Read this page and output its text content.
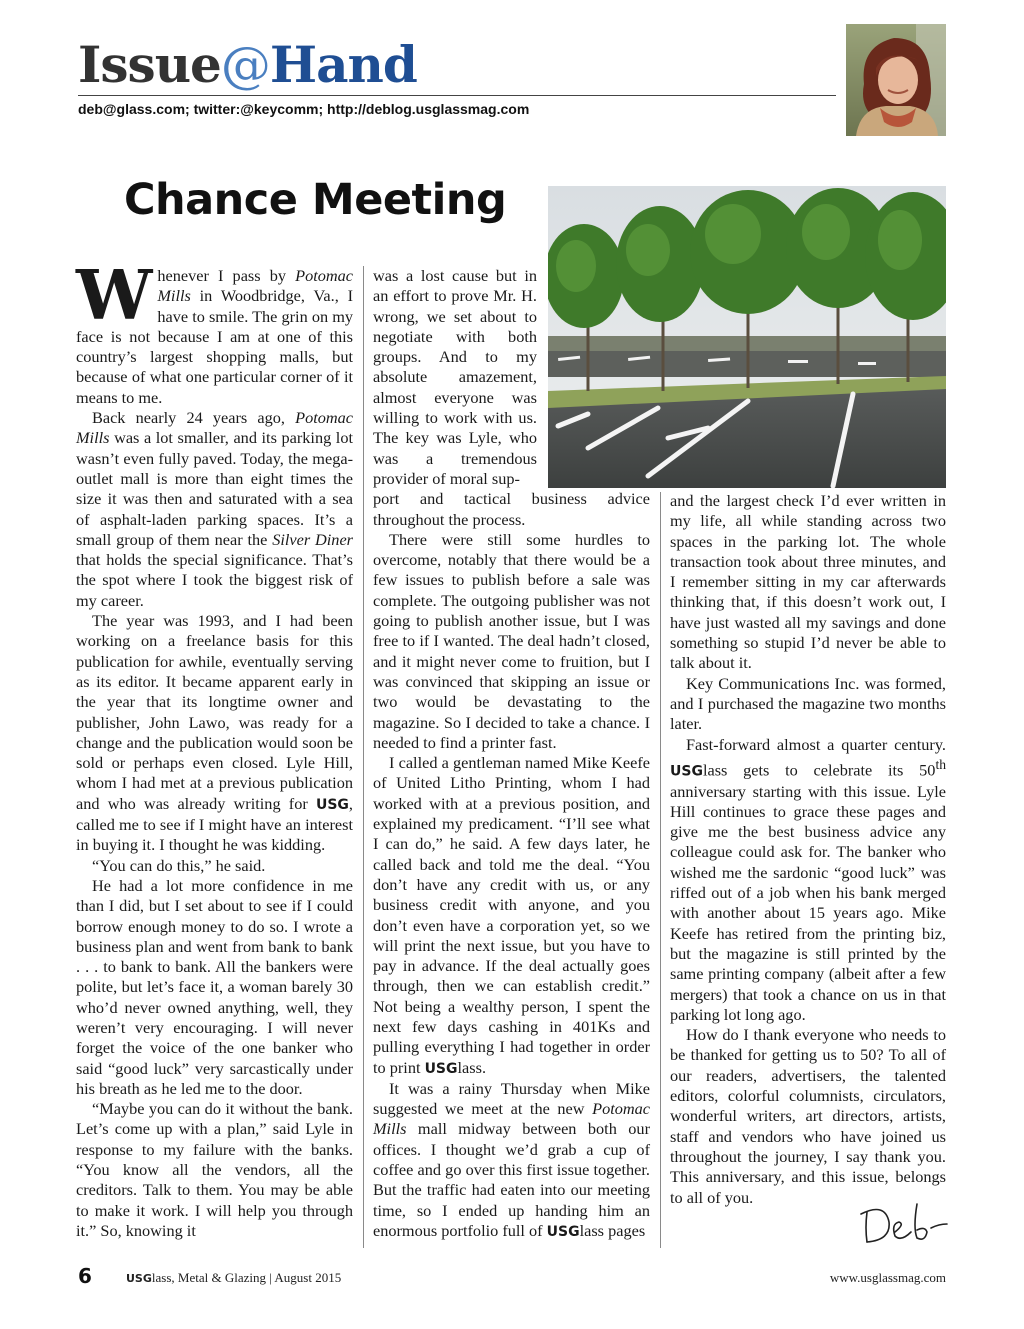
Issue@Hand
deb@glass.com; twitter:@keycomm; http://deblog.usglassmag.com
Chance Meeting

Whenever I pass by Potomac Mills in Woodbridge, Va., I have to smile. The grin on my face is not because I am at one of this country’s largest shopping malls, but because of what one particular corner of it means to me.

Back nearly 24 years ago, Potomac Mills was a lot smaller, and its parking lot wasn’t even fully paved. Today, the mega-outlet mall is more than eight times the size it was then and saturated with a sea of asphalt-laden parking spaces. It’s a small group of them near the Silver Diner that holds the special significance. That’s the spot where I took the biggest risk of my career.

The year was 1993, and I had been working on a freelance basis for this publication for awhile, eventually serving as its editor. It became apparent early in the year that its longtime owner and publisher, John Lawo, was ready for a change and the publication would soon be sold or perhaps even closed. Lyle Hill, whom I had met at a previous publication and who was already writing for USG, called me to see if I might have an interest in buying it. I thought he was kidding.

“You can do this,” he said.

He had a lot more confidence in me than I did, but I set about to see if I could borrow enough money to do so. I wrote a business plan and went from bank to bank . . . to bank to bank. All the bankers were polite, but let’s face it, a woman barely 30 who’d never owned anything, well, they weren’t very encouraging. I will never forget the voice of the one banker who said “good luck” very sarcastically under his breath as he led me to the door.

“Maybe you can do it without the bank. Let’s come up with a plan,” said Lyle in response to my failure with the banks. “You know all the vendors, all the creditors. Talk to them. You may be able to make it work. I will help you through it.” So, knowing it

was a lost cause but in an effort to prove Mr. H. wrong, we set about to negotiate with both groups. And to my absolute amazement, almost everyone was willing to work with us. The key was Lyle, who was a tremendous provider of moral sup-

port and tactical business advice throughout the process.

There were still some hurdles to overcome, notably that there would be a few issues to publish before a sale was complete. The outgoing publisher was not going to publish another issue, but I was free to if I wanted. The deal hadn’t closed, and it might never come to fruition, but I was convinced that skipping an issue or two would be devastating to the magazine. So I decided to take a chance. I needed to find a printer fast.

I called a gentleman named Mike Keefe of United Litho Printing, whom I had worked with at a previous position, and explained my predicament. “I’ll see what I can do,” he said. A few days later, he called back and told me the deal. “You don’t have any credit with us, or any business credit with anyone, and you don’t even have a corporation yet, so we will print the next issue, but you have to pay in advance. If the deal actually goes through, then we can establish credit.” Not being a wealthy person, I spent the next few days cashing in 401Ks and pulling everything I had together in order to print USGlass.

It was a rainy Thursday when Mike suggested we meet at the new Potomac Mills mall midway between both our offices. I thought we’d grab a cup of coffee and go over this first issue together. But the traffic had eaten into our meeting time, so I ended up handing him an enormous portfolio full of USGlass pages

and the largest check I’d ever written in my life, all while standing across two spaces in the parking lot. The whole transaction took about three minutes, and I remember sitting in my car afterwards thinking that, if this doesn’t work out, I have just wasted all my savings and done something so stupid I’d never be able to talk about it.

Key Communications Inc. was formed, and I purchased the magazine two months later.

Fast-forward almost a quarter century. USGlass gets to celebrate its 50th anniversary starting with this issue. Lyle Hill continues to grace these pages and give me the best business advice any colleague could ask for. The banker who wished me the sardonic “good luck” was riffed out of a job when his bank merged with another about 15 years ago. Mike Keefe has retired from the printing biz, but the magazine is still printed by the same printing company (albeit after a few mergers) that took a chance on us in that parking lot long ago.

How do I thank everyone who needs to be thanked for getting us to 50? To all of our readers, advertisers, the talented editors, colorful columnists, circulators, wonderful writers, art directors, artists, staff and vendors who have joined us throughout the journey, I say thank you. This anniversary, and this issue, belongs to all of you.

6	USGlass, Metal & Glazing | August 2015	www.usglassmag.com
